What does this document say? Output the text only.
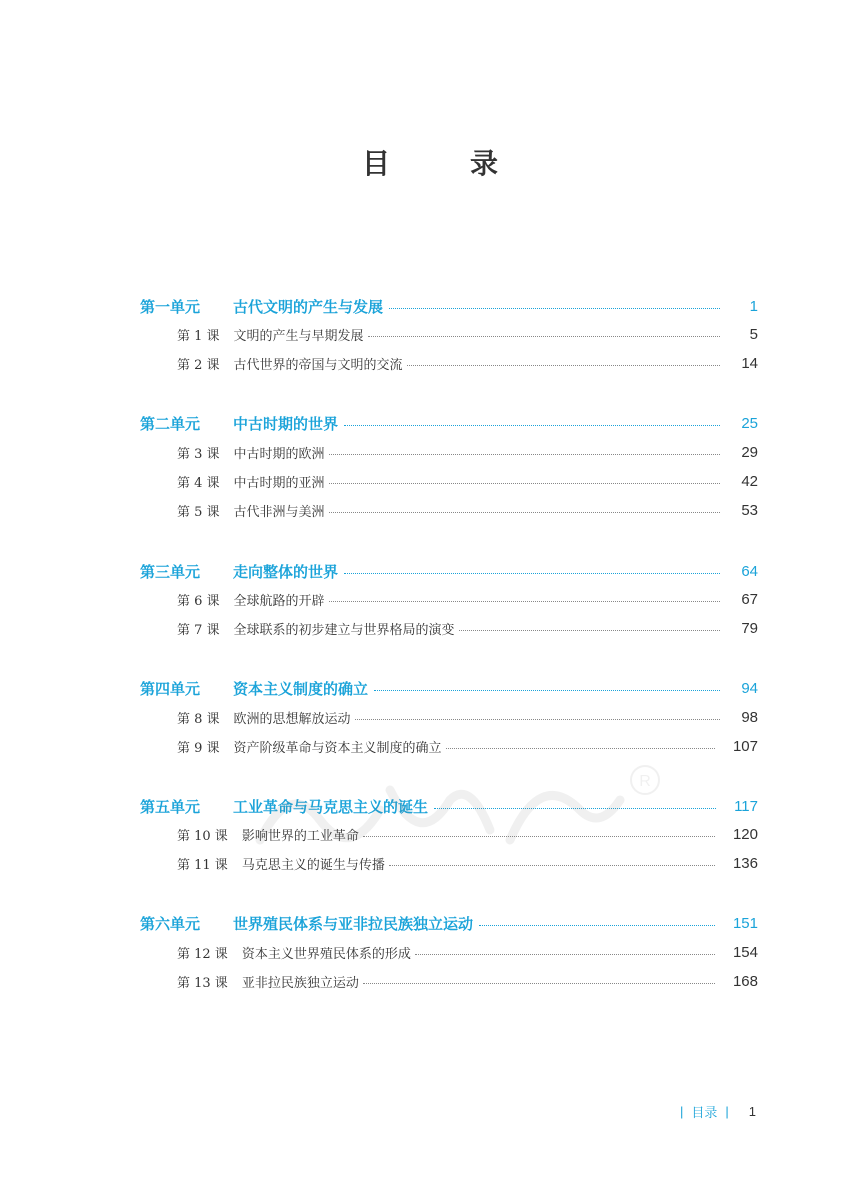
目　录
第一单元	古代文明的产生与发展	1
第 1 课	文明的产生与早期发展	5
第 2 课	古代世界的帝国与文明的交流	14
第二单元	中古时期的世界	25
第 3 课	中古时期的欧洲	29
第 4 课	中古时期的亚洲	42
第 5 课	古代非洲与美洲	53
第三单元	走向整体的世界	64
第 6 课	全球航路的开辟	67
第 7 课	全球联系的初步建立与世界格局的演变	79
第四单元	资本主义制度的确立	94
第 8 课	欧洲的思想解放运动	98
第 9 课	资产阶级革命与资本主义制度的确立	107
第五单元	工业革命与马克思主义的诞生	117
第 10 课	影响世界的工业革命	120
第 11 课	马克思主义的诞生与传播	136
第六单元	世界殖民体系与亚非拉民族独立运动	151
第 12 课	资本主义世界殖民体系的形成	154
第 13 课	亚非拉民族独立运动	168
R
| 目录 | 1
